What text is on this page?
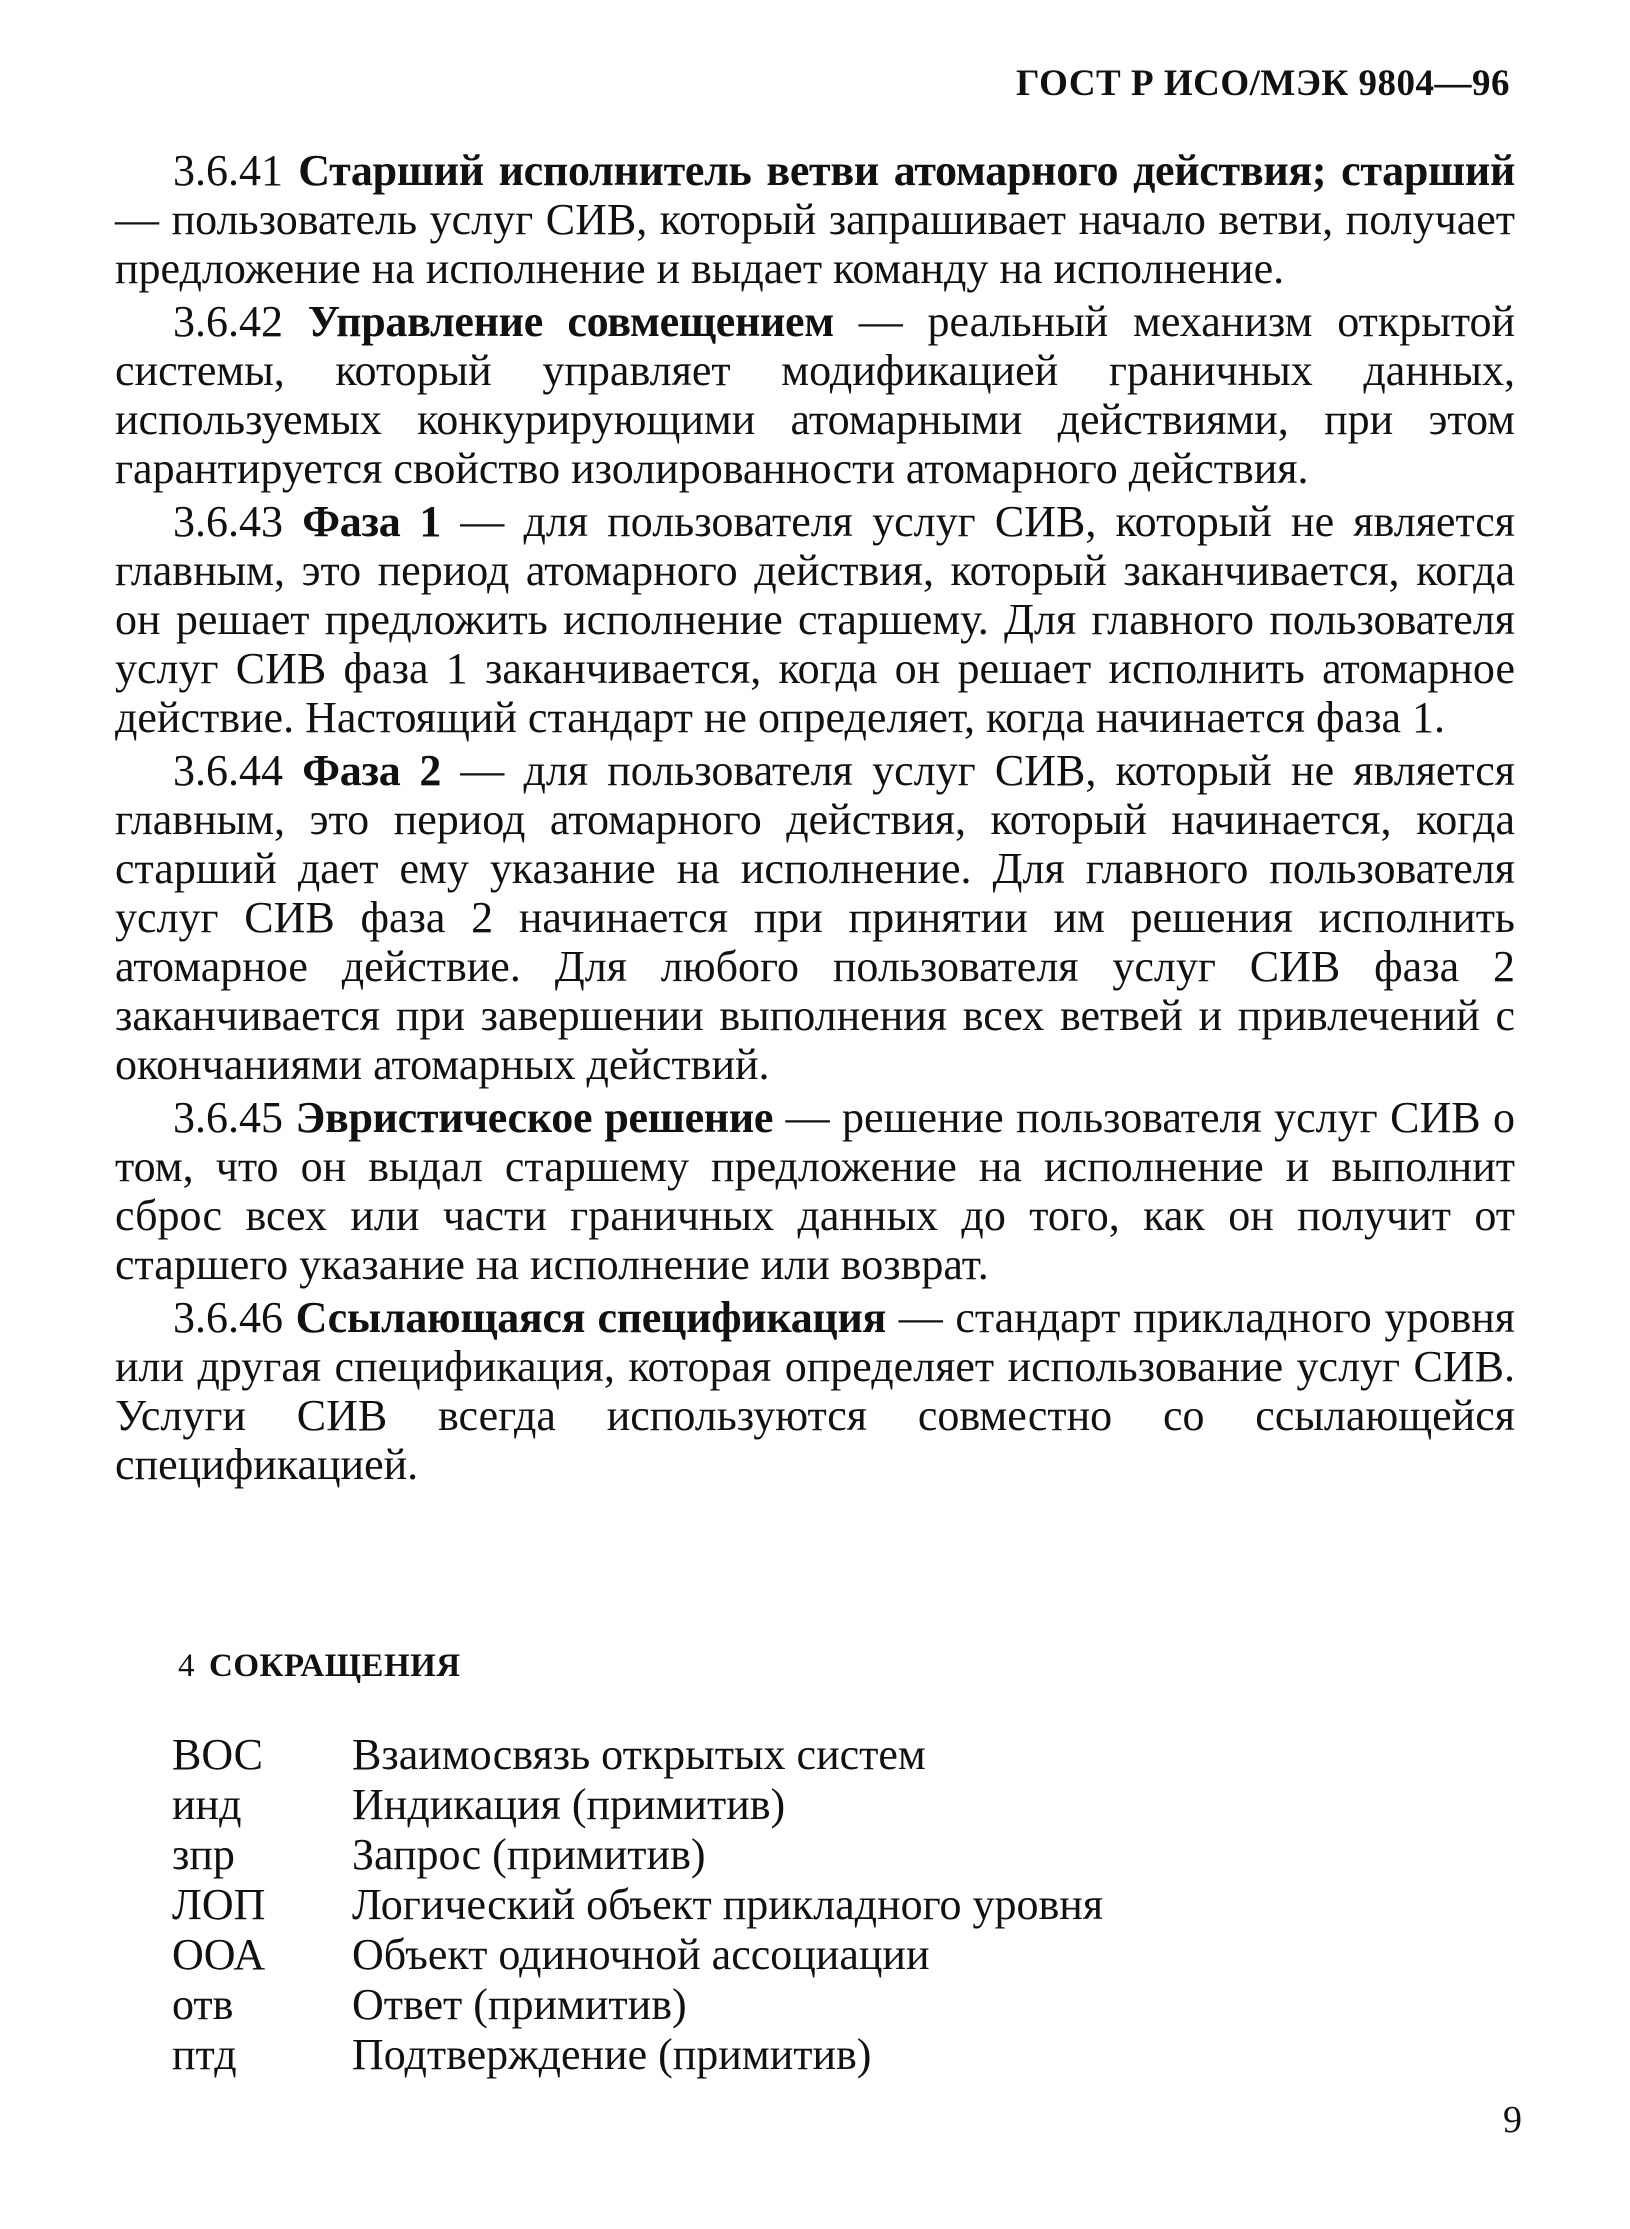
ГОСТ Р ИСО/МЭК 9804—96

3.6.41 Старший исполнитель ветви атомарного действия; старший — пользователь услуг СИВ, который запрашивает начало ветви, получает предложение на исполнение и выдает команду на исполнение.

3.6.42 Управление совмещением — реальный механизм открытой системы, который управляет модификацией граничных данных, используемых конкурирующими атомарными действиями, при этом гарантируется свойство изолированности атомарного действия.

3.6.43 Фаза 1 — для пользователя услуг СИВ, который не является главным, это период атомарного действия, который заканчивается, когда он решает предложить исполнение старшему. Для главного пользователя услуг СИВ фаза 1 заканчивается, когда он решает исполнить атомарное действие. Настоящий стандарт не определяет, когда начинается фаза 1.

3.6.44 Фаза 2 — для пользователя услуг СИВ, который не является главным, это период атомарного действия, который начинается, когда старший дает ему указание на исполнение. Для главного пользователя услуг СИВ фаза 2 начинается при принятии им решения исполнить атомарное действие. Для любого пользователя услуг СИВ фаза 2 заканчивается при завершении выполнения всех ветвей и привлечений с окончаниями атомарных действий.

3.6.45 Эвристическое решение — решение пользователя услуг СИВ о том, что он выдал старшему предложение на исполнение и выполнит сброс всех или части граничных данных до того, как он получит от старшего указание на исполнение или возврат.

3.6.46 Ссылающаяся спецификация — стандарт прикладного уровня или другая спецификация, которая определяет использование услуг СИВ. Услуги СИВ всегда используются совместно со ссылающейся спецификацией.

4 СОКРАЩЕНИЯ
ВОС	Взаимосвязь открытых систем
инд	Индикация (примитив)
зпр	Запрос (примитив)
ЛОП	Логический объект прикладного уровня
ООА	Объект одиночной ассоциации
отв	Ответ (примитив)
птд	Подтверждение (примитив)
9
